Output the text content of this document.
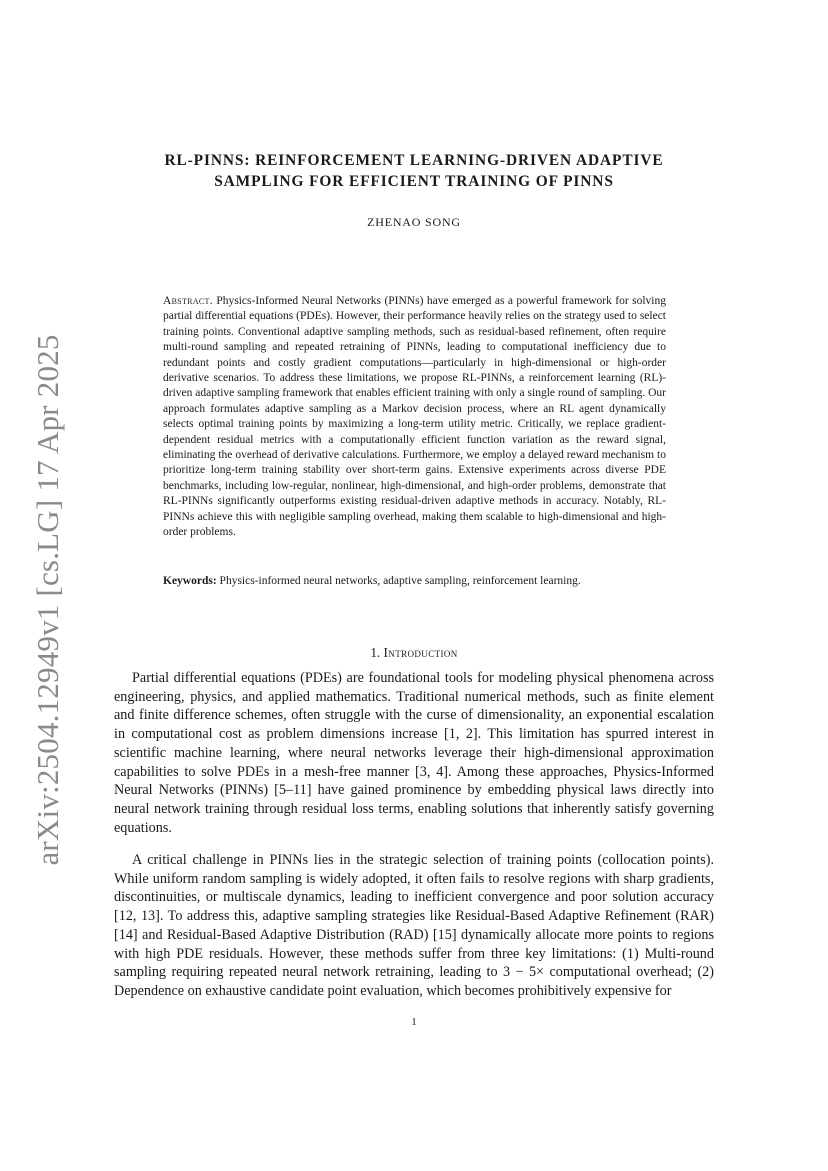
arXiv:2504.12949v1 [cs.LG] 17 Apr 2025
RL-PINNS: REINFORCEMENT LEARNING-DRIVEN ADAPTIVE
SAMPLING FOR EFFICIENT TRAINING OF PINNS
ZHENAO SONG
Abstract. Physics-Informed Neural Networks (PINNs) have emerged as a powerful framework for solving partial differential equations (PDEs). However, their performance heavily relies on the strategy used to select training points. Conventional adaptive sampling methods, such as residual-based refinement, often require multi-round sampling and repeated retraining of PINNs, leading to computational inefficiency due to redundant points and costly gradient computations—particularly in high-dimensional or high-order derivative scenarios. To address these limitations, we propose RL-PINNs, a reinforcement learning (RL)-driven adaptive sampling framework that enables efficient training with only a single round of sampling. Our approach formulates adaptive sampling as a Markov decision process, where an RL agent dynamically selects optimal training points by maximizing a long-term utility metric. Critically, we replace gradient-dependent residual metrics with a computationally efficient function variation as the reward signal, eliminating the overhead of derivative calculations. Furthermore, we employ a delayed reward mechanism to prioritize long-term training stability over short-term gains. Extensive experiments across diverse PDE benchmarks, including low-regular, nonlinear, high-dimensional, and high-order problems, demonstrate that RL-PINNs significantly outperforms existing residual-driven adaptive methods in accuracy. Notably, RL-PINNs achieve this with negligible sampling overhead, making them scalable to high-dimensional and high-order problems.
Keywords: Physics-informed neural networks, adaptive sampling, reinforcement learning.
1. Introduction

Partial differential equations (PDEs) are foundational tools for modeling physical phenomena across engineering, physics, and applied mathematics. Traditional numerical methods, such as finite element and finite difference schemes, often struggle with the curse of dimensionality, an exponential escalation in computational cost as problem dimensions increase [1, 2]. This limitation has spurred interest in scientific machine learning, where neural networks leverage their high-dimensional approximation capabilities to solve PDEs in a mesh-free manner [3, 4]. Among these approaches, Physics-Informed Neural Networks (PINNs) [5–11] have gained prominence by embedding physical laws directly into neural network training through residual loss terms, enabling solutions that inherently satisfy governing equations.

A critical challenge in PINNs lies in the strategic selection of training points (collocation points). While uniform random sampling is widely adopted, it often fails to resolve regions with sharp gradients, discontinuities, or multiscale dynamics, leading to inefficient convergence and poor solution accuracy [12, 13]. To address this, adaptive sampling strategies like Residual-Based Adaptive Refinement (RAR) [14] and Residual-Based Adaptive Distribution (RAD) [15] dynamically allocate more points to regions with high PDE residuals. However, these methods suffer from three key limitations: (1) Multi-round sampling requiring repeated neural network retraining, leading to 3 − 5× computational overhead; (2) Dependence on exhaustive candidate point evaluation, which becomes prohibitively expensive for

1
